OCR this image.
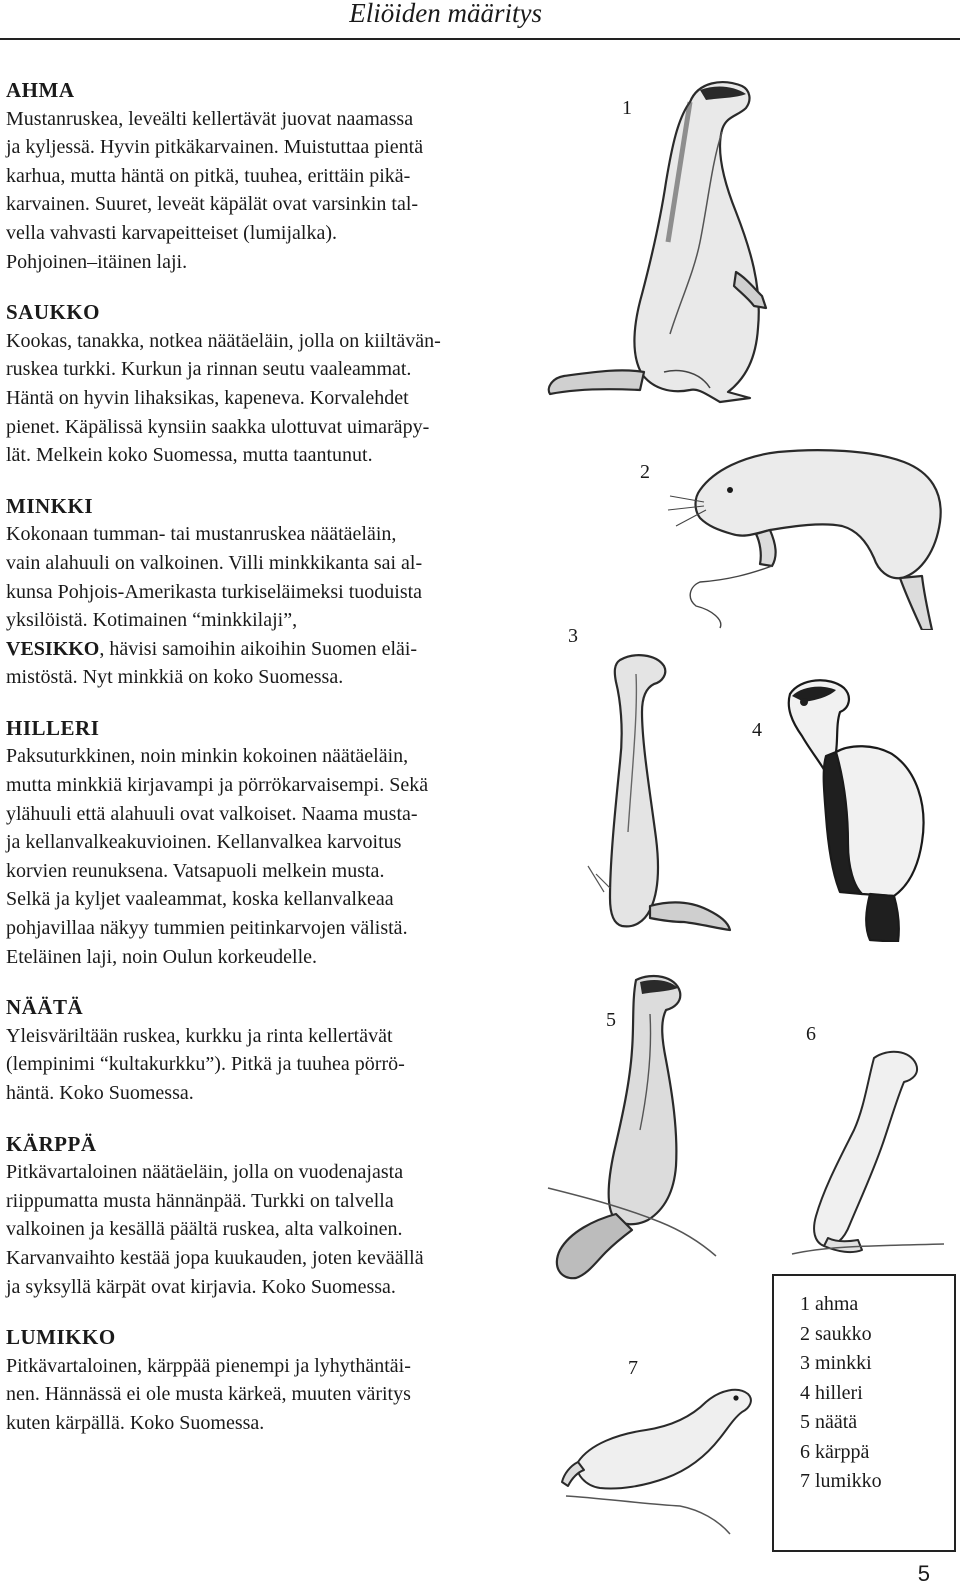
Eliöiden määritys
AHMA

Mustanruskea, leveälti kellertävät juovat naamassa
ja kyljessä. Hyvin pitkäkarvainen. Muistuttaa pientä
karhua, mutta häntä on pitkä, tuuhea, erittäin pikä-
karvainen. Suuret, leveät käpälät ovat varsinkin tal-
vella vahvasti karvapeitteiset (lumijalka).
Pohjoinen–itäinen laji.

SAUKKO

Kookas, tanakka, notkea näätäeläin, jolla on kiiltävän-
ruskea turkki. Kurkun ja rinnan seutu vaaleammat.
Häntä on hyvin lihaksikas, kapeneva. Korvalehdet
pienet. Käpälissä kynsiin saakka ulottuvat uimaräpy-
lät. Melkein koko Suomessa, mutta taantunut.

MINKKI

Kokonaan tumman- tai mustanruskea näätäeläin,
vain alahuuli on valkoinen. Villi minkkikanta sai al-
kunsa Pohjois-Amerikasta turkiseläimeksi tuoduista
yksilöistä. Kotimainen “minkkilaji”,
VESIKKO, hävisi samoihin aikoihin Suomen eläi-
mistöstä. Nyt minkkiä on koko Suomessa.

HILLERI

Paksuturkkinen, noin minkin kokoinen näätäeläin,
mutta minkkiä kirjavampi ja pörrökarvaisempi. Sekä
ylähuuli että alahuuli ovat valkoiset. Naama musta-
ja kellanvalkeakuvioinen. Kellanvalkea karvoitus
korvien reunuksena. Vatsapuoli melkein musta.
Selkä ja kyljet vaaleammat, koska kellanvalkeaa
pohjavillaa näkyy tummien peitinkarvojen välistä.
Eteläinen laji, noin Oulun korkeudelle.

NÄÄTÄ

Yleisväriltään ruskea, kurkku ja rinta kellertävät
(lempinimi “kultakurkku”). Pitkä ja tuuhea pörrö-
häntä. Koko Suomessa.

KÄRPPÄ

Pitkävartaloinen näätäeläin, jolla on vuodenajasta
riippumatta musta hännänpää. Turkki on talvella
valkoinen ja kesällä päältä ruskea, alta valkoinen.
Karvanvaihto kestää jopa kuukauden, joten keväällä
ja syksyllä kärpät ovat kirjavia. Koko Suomessa.

LUMIKKO

Pitkävartaloinen, kärppää pienempi ja lyhythäntäi-
nen. Hännässä ei ole musta kärkeä, muuten väritys
kuten kärpällä. Koko Suomessa.

1
2
3
4
5
6
7
1 ahma
2 saukko
3 minkki
4 hilleri
5 näätä
6 kärppä
7 lumikko
5
